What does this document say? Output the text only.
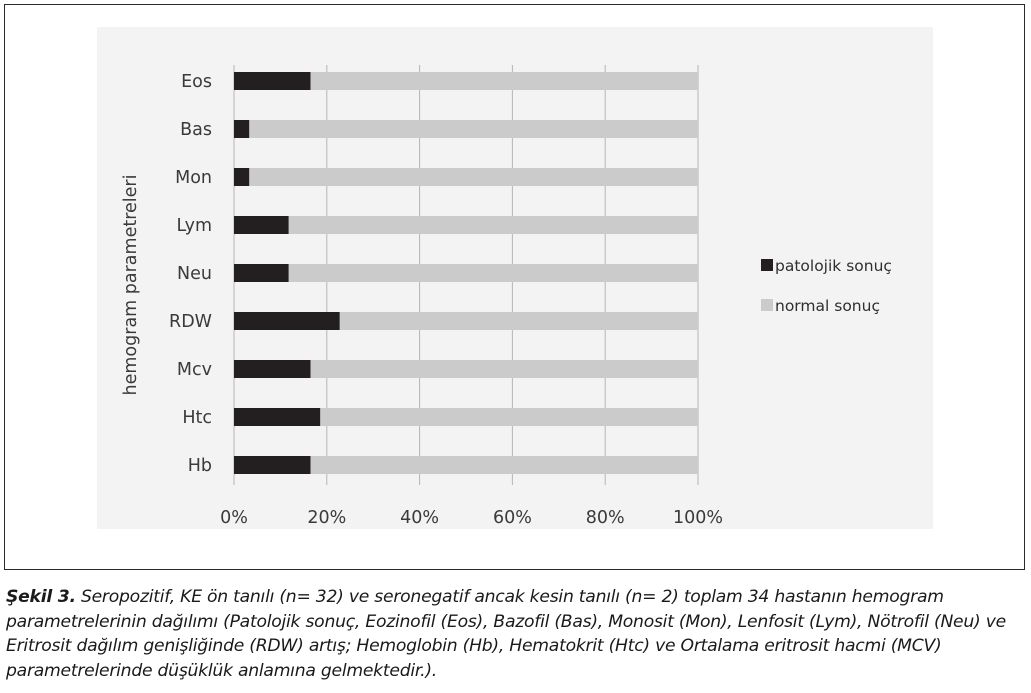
Eos
Bas
Mon
Lym
Neu
RDW
Mcv
Htc
Hb
0%	20%	40%	60%	80%	100%
hemogram parametreleri	patolojik sonuç
normal sonuç
Şekil 3. Seropozitif, KE ön tanılı (n= 32) ve seronegatif ancak kesin tanılı (n= 2) toplam 34 hastanın hemogram parametrelerinin dağılımı (Patolojik sonuç, Eozinofil (Eos), Bazofil (Bas), Monosit (Mon), Lenfosit (Lym), Nötrofil (Neu) ve Eritrosit dağılım genişliğinde (RDW) artış; Hemoglobin (Hb), Hematokrit (Htc) ve Ortalama eritrosit hacmi (MCV) parametrelerinde düşüklük anlamına gelmektedir.).
